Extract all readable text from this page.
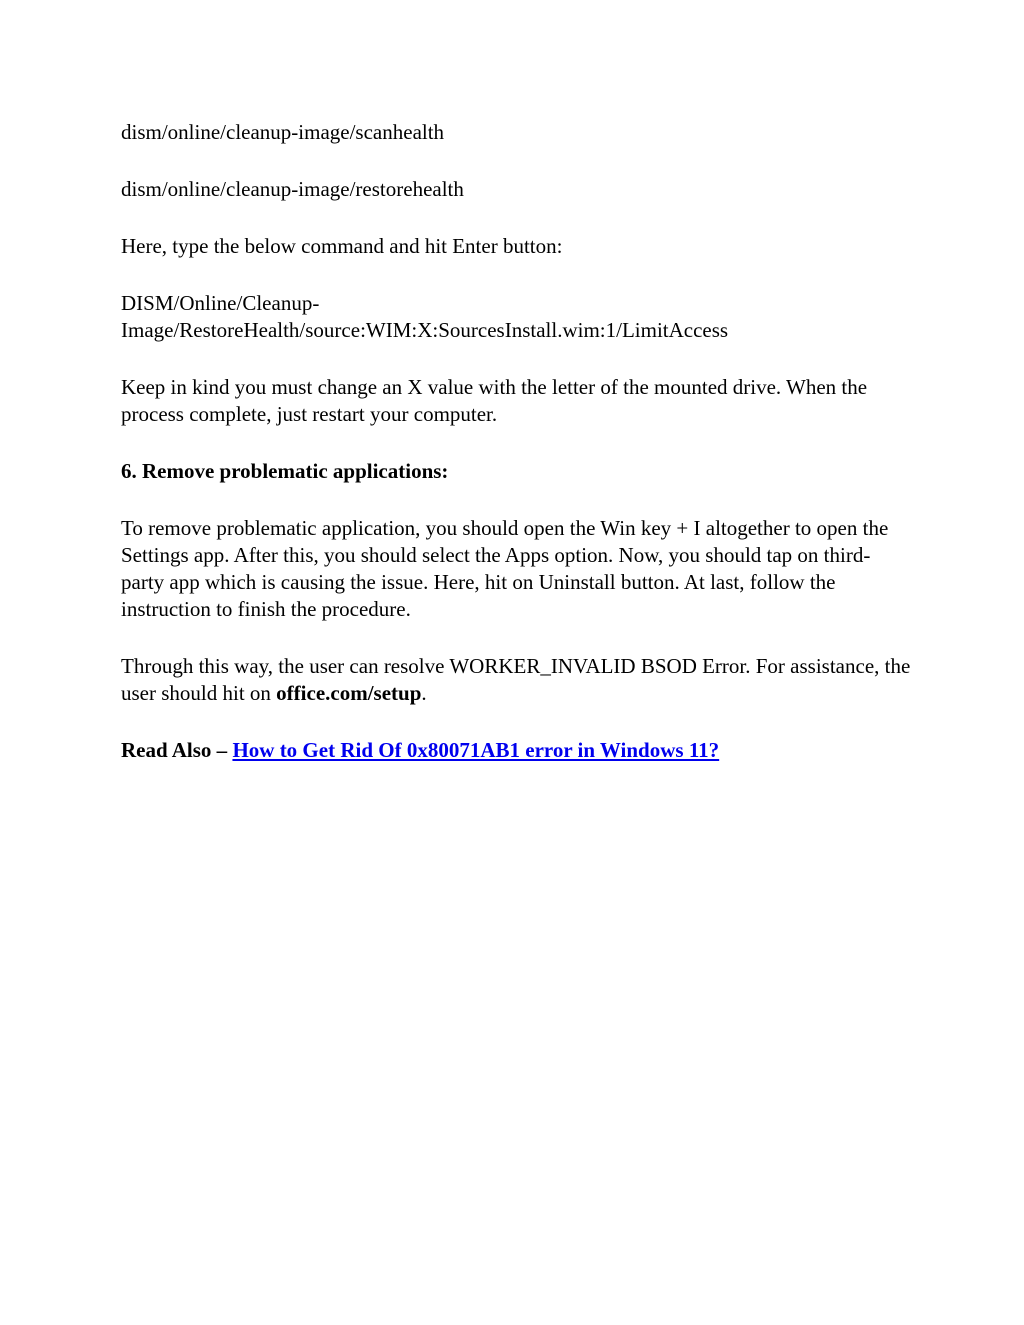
dism/online/cleanup-image/scanhealth

dism/online/cleanup-image/restorehealth

Here, type the below command and hit Enter button:

DISM/Online/Cleanup-
Image/RestoreHealth/source:WIM:X:SourcesInstall.wim:1/LimitAccess

Keep in kind you must change an X value with the letter of the mounted drive. When the process complete, just restart your computer.

6. Remove problematic applications:

To remove problematic application, you should open the Win key + I altogether to open the Settings app. After this, you should select the Apps option. Now, you should tap on third-party app which is causing the issue. Here, hit on Uninstall button. At last, follow the instruction to finish the procedure.

Through this way, the user can resolve WORKER_INVALID BSOD Error. For assistance, the user should hit on office.com/setup.

Read Also – How to Get Rid Of 0x80071AB1 error in Windows 11?
